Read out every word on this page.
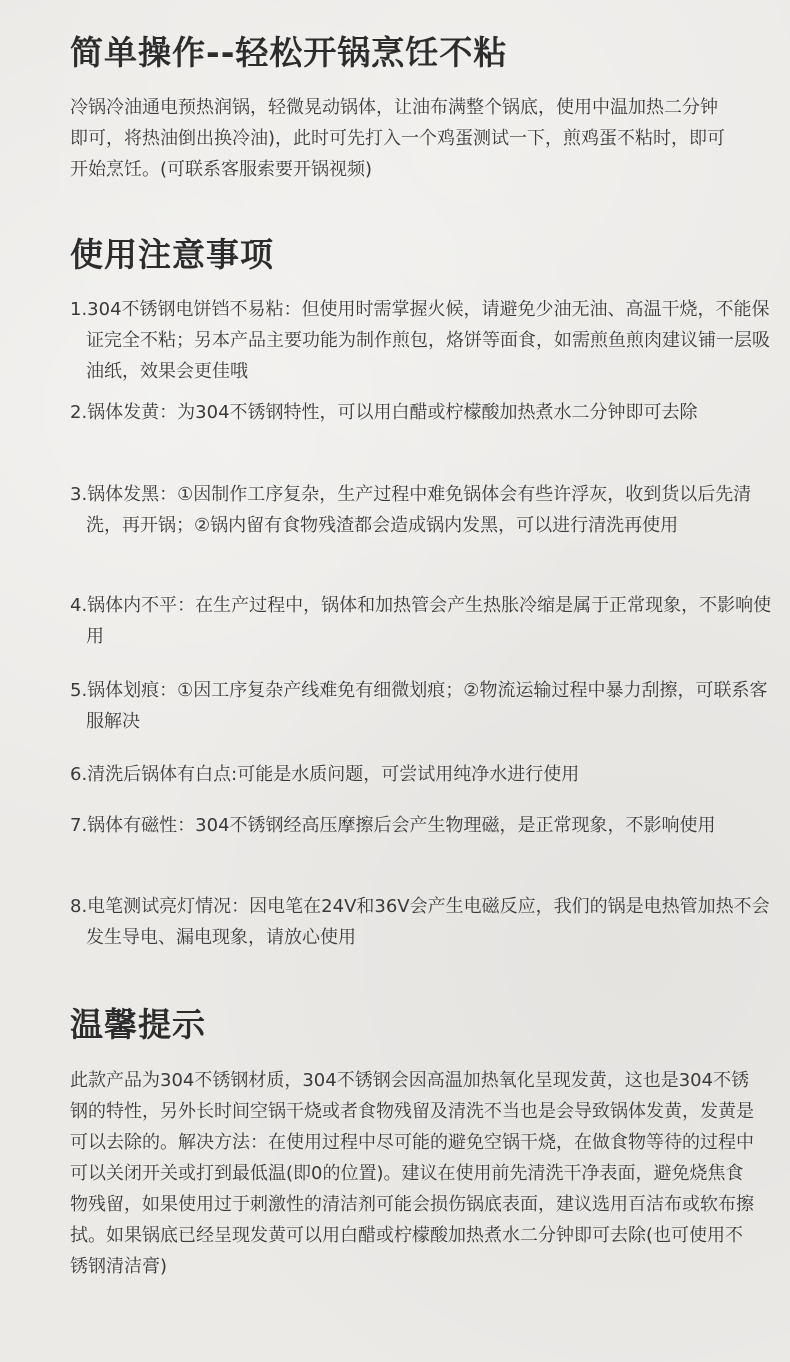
简单操作--轻松开锅烹饪不粘

冷锅冷油通电预热润锅，轻微晃动锅体，让油布满整个锅底，使用中温加热二分钟即可，将热油倒出换冷油)，此时可先打入一个鸡蛋测试一下，煎鸡蛋不粘时，即可开始烹饪。(可联系客服索要开锅视频)

使用注意事项

1.304不锈钢电饼铛不易粘：但使用时需掌握火候，请避免少油无油、高温干烧，不能保证完全不粘；另本产品主要功能为制作煎包，烙饼等面食，如需煎鱼煎肉建议铺一层吸油纸，效果会更佳哦

2.锅体发黄：为304不锈钢特性，可以用白醋或柠檬酸加热煮水二分钟即可去除

3.锅体发黑：①因制作工序复杂，生产过程中难免锅体会有些许浮灰，收到货以后先清洗，再开锅；②锅内留有食物残渣都会造成锅内发黑，可以进行清洗再使用

4.锅体内不平：在生产过程中，锅体和加热管会产生热胀冷缩是属于正常现象，不影响使用

5.锅体划痕：①因工序复杂产线难免有细微划痕；②物流运输过程中暴力刮擦，可联系客服解决

6.清洗后锅体有白点:可能是水质问题，可尝试用纯净水进行使用

7.锅体有磁性：304不锈钢经高压摩擦后会产生物理磁，是正常现象，不影响使用

8.电笔测试亮灯情况：因电笔在24V和36V会产生电磁反应，我们的锅是电热管加热不会发生导电、漏电现象，请放心使用

温馨提示

此款产品为304不锈钢材质，304不锈钢会因高温加热氧化呈现发黄，这也是304不锈钢的特性，另外长时间空锅干烧或者食物残留及清洗不当也是会导致锅体发黄，发黄是可以去除的。解决方法：在使用过程中尽可能的避免空锅干烧，在做食物等待的过程中可以关闭开关或打到最低温(即0的位置)。建议在使用前先清洗干净表面，避免烧焦食物残留，如果使用过于刺激性的清洁剂可能会损伤锅底表面，建议选用百洁布或软布擦拭。如果锅底已经呈现发黄可以用白醋或柠檬酸加热煮水二分钟即可去除(也可使用不锈钢清洁膏)
